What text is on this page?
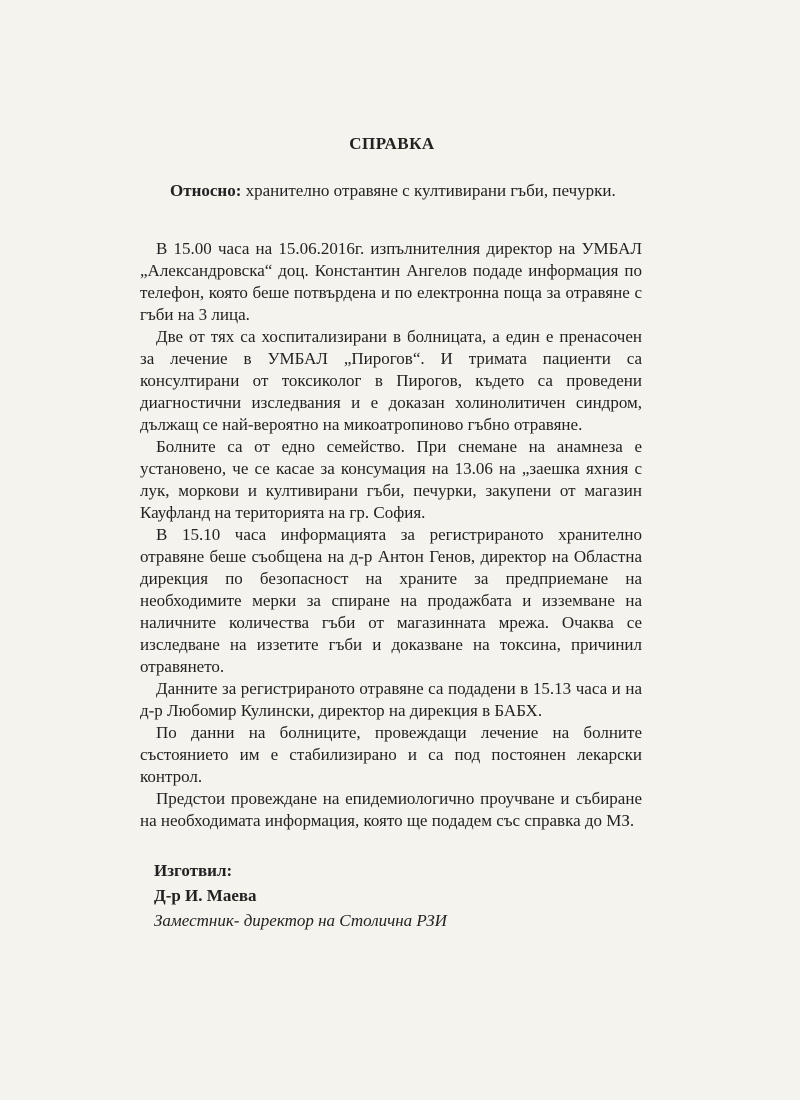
СПРАВКА
Относно: хранително отравяне с култивирани гъби, печурки.

В 15.00 часа на 15.06.2016г. изпълнителния директор на УМБАЛ „Александровска“ доц. Константин Ангелов подаде информация по телефон, която беше потвърдена и по електронна поща за отравяне с гъби на 3 лица.

Две от тях са хоспитализирани в болницата, а един е пренасочен за лечение в УМБАЛ „Пирогов“. И тримата пациенти са консултирани от токсиколог в Пирогов, където са проведени диагностични изследвания и е доказан холинолитичен синдром, дължащ се най-вероятно на микоатропиново гъбно отравяне.

Болните са от едно семейство. При снемане на анамнеза е установено, че се касае за консумация на 13.06 на „заешка яхния с лук, моркови и култивирани гъби, печурки, закупени от магазин Кауфланд на територията на гр. София.

В 15.10 часа информацията за регистрираното хранително отравяне беше съобщена на д-р Антон Генов, директор на Областна дирекция по безопасност на храните за предприемане на необходимите мерки за спиране на продажбата и изземване на наличните количества гъби от магазинната мрежа. Очаква се изследване на иззетите гъби и доказване на токсина, причинил отравянето.

Данните за регистрираното отравяне са подадени в 15.13 часа и на д-р Любомир Кулински, директор на дирекция в БАБХ.

По данни на болниците, провеждащи лечение на болните състоянието им е стабилизирано и са под постоянен лекарски контрол.

Предстои провеждане на епидемиологично проучване и събиране на необходимата информация, която ще подадем със справка до МЗ.

Изготвил:
Д-р И. Маева
Заместник- директор на Столична РЗИ
